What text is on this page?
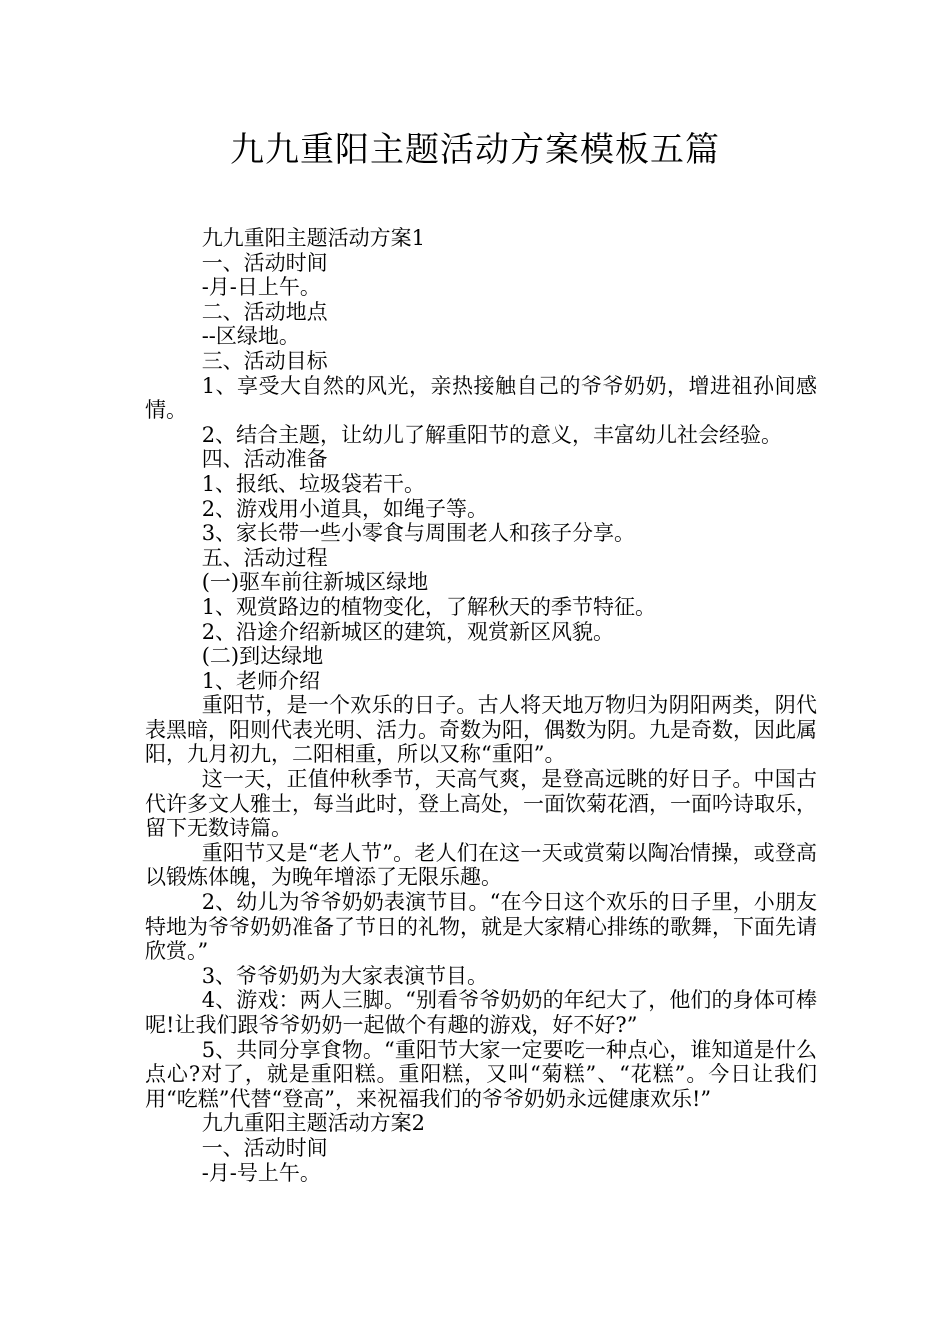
九九重阳主题活动方案模板五篇

九九重阳主题活动方案1

一、活动时间

-月-日上午。

二、活动地点

--区绿地。

三、活动目标

1、享受大自然的风光，亲热接触自己的爷爷奶奶，增进祖孙间感情。

2、结合主题，让幼儿了解重阳节的意义，丰富幼儿社会经验。

四、活动准备

1、报纸、垃圾袋若干。

2、游戏用小道具，如绳子等。

3、家长带一些小零食与周围老人和孩子分享。

五、活动过程

(一)驱车前往新城区绿地

1、观赏路边的植物变化，了解秋天的季节特征。

2、沿途介绍新城区的建筑，观赏新区风貌。

(二)到达绿地

1、老师介绍

重阳节，是一个欢乐的日子。古人将天地万物归为阴阳两类，阴代表黑暗，阳则代表光明、活力。奇数为阳，偶数为阴。九是奇数，因此属阳，九月初九，二阳相重，所以又称“重阳”。

这一天，正值仲秋季节，天高气爽，是登高远眺的好日子。中国古代许多文人雅士，每当此时，登上高处，一面饮菊花酒，一面吟诗取乐，留下无数诗篇。

重阳节又是“老人节”。老人们在这一天或赏菊以陶冶情操，或登高以锻炼体魄，为晚年增添了无限乐趣。

2、幼儿为爷爷奶奶表演节目。“在今日这个欢乐的日子里，小朋友特地为爷爷奶奶准备了节日的礼物，就是大家精心排练的歌舞，下面先请欣赏。”

3、爷爷奶奶为大家表演节目。

4、游戏：两人三脚。“别看爷爷奶奶的年纪大了，他们的身体可棒呢!让我们跟爷爷奶奶一起做个有趣的游戏，好不好?”

5、共同分享食物。“重阳节大家一定要吃一种点心，谁知道是什么点心?对了，就是重阳糕。重阳糕，又叫“菊糕”、“花糕”。今日让我们用“吃糕”代替“登高”，来祝福我们的爷爷奶奶永远健康欢乐!”

九九重阳主题活动方案2

一、活动时间

-月-号上午。
